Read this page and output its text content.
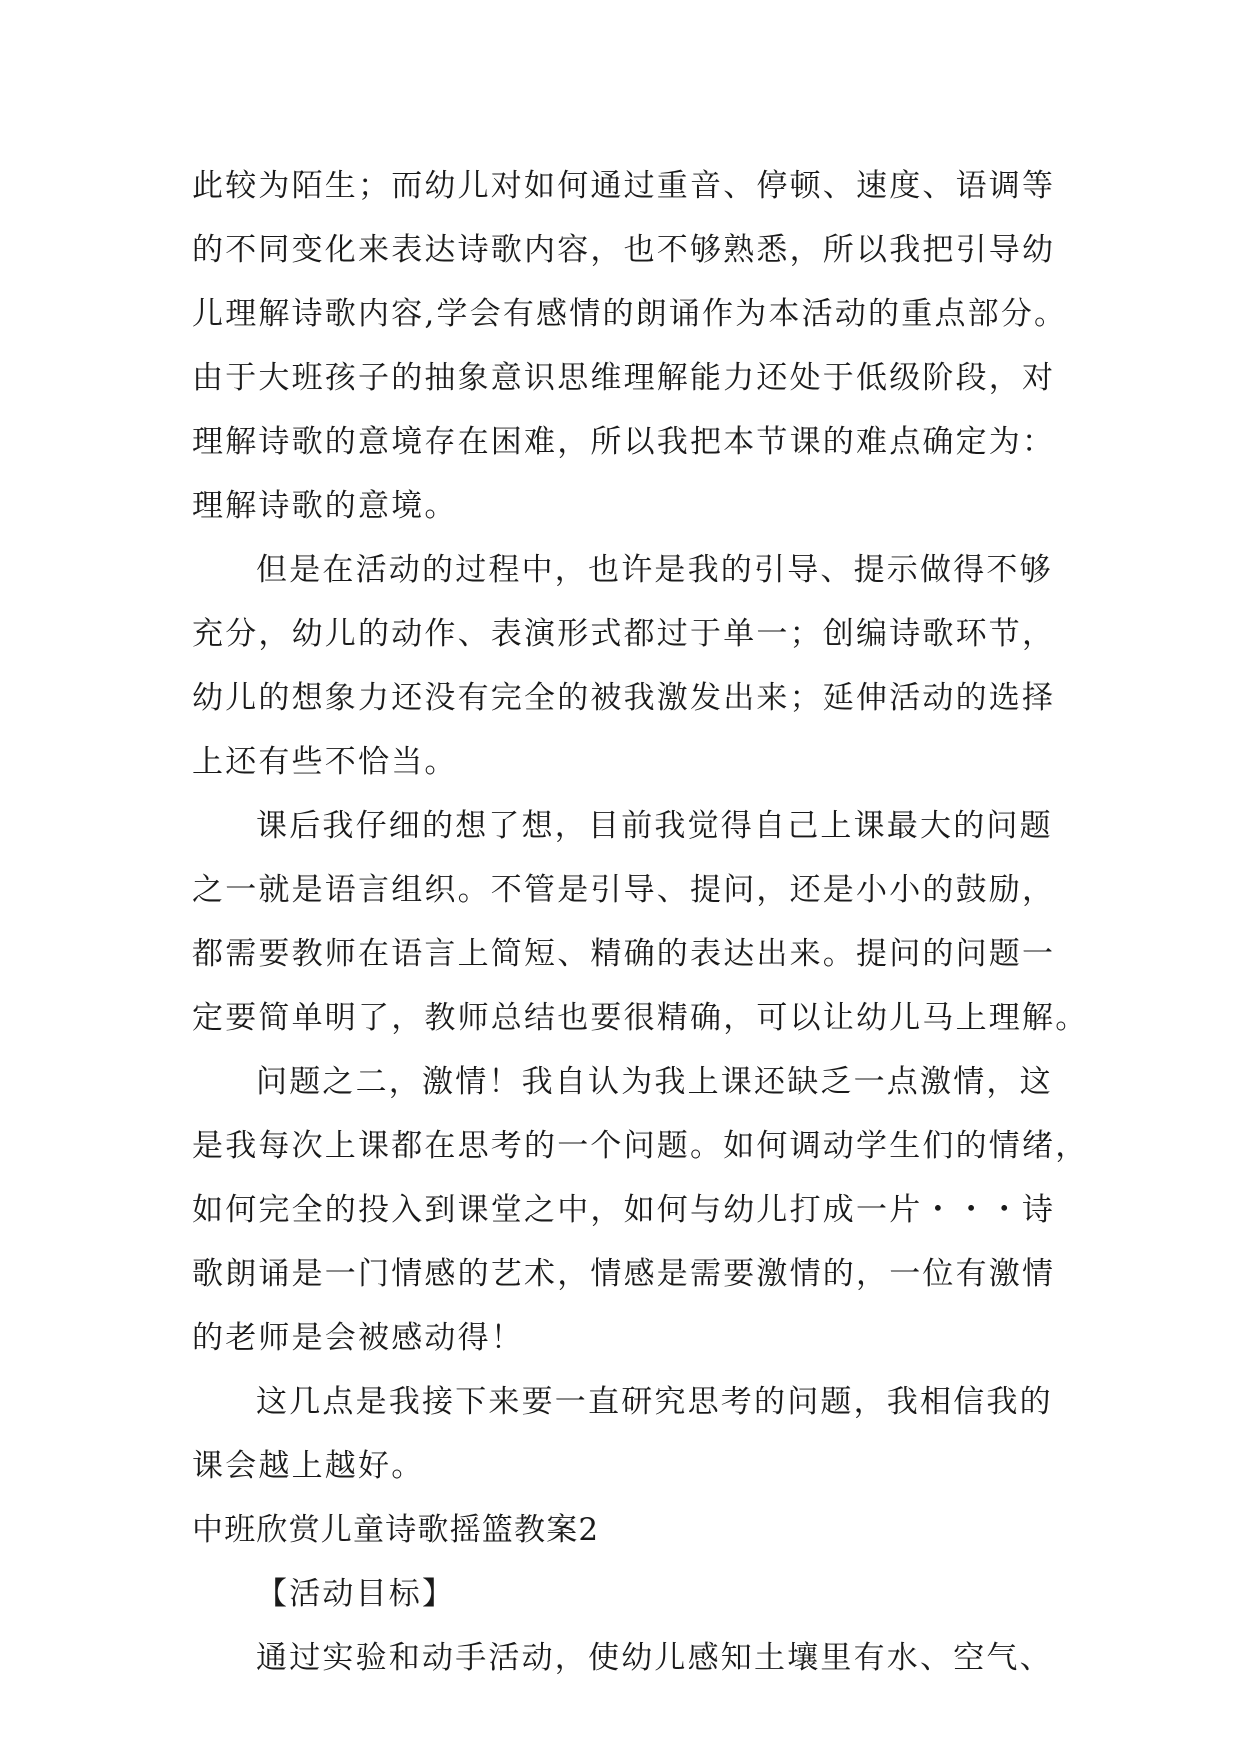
此较为陌生；而幼儿对如何通过重音、停顿、速度、语调等
的不同变化来表达诗歌内容，也不够熟悉，所以我把引导幼
儿理解诗歌内容,学会有感情的朗诵作为本活动的重点部分。
由于大班孩子的抽象意识思维理解能力还处于低级阶段，对
理解诗歌的意境存在困难，所以我把本节课的难点确定为：
理解诗歌的意境。
但是在活动的过程中，也许是我的引导、提示做得不够
充分，幼儿的动作、表演形式都过于单一；创编诗歌环节，
幼儿的想象力还没有完全的被我激发出来；延伸活动的选择
上还有些不恰当。
课后我仔细的想了想，目前我觉得自己上课最大的问题
之一就是语言组织。不管是引导、提问，还是小小的鼓励，
都需要教师在语言上简短、精确的表达出来。提问的问题一
定要简单明了，教师总结也要很精确，可以让幼儿马上理解。
问题之二，激情！我自认为我上课还缺乏一点激情，这
是我每次上课都在思考的一个问题。如何调动学生们的情绪，
如何完全的投入到课堂之中，如何与幼儿打成一片・・・诗
歌朗诵是一门情感的艺术，情感是需要激情的，一位有激情
的老师是会被感动得！
这几点是我接下来要一直研究思考的问题，我相信我的
课会越上越好。
中班欣赏儿童诗歌摇篮教案2
【活动目标】
通过实验和动手活动，使幼儿感知土壤里有水、空气、
